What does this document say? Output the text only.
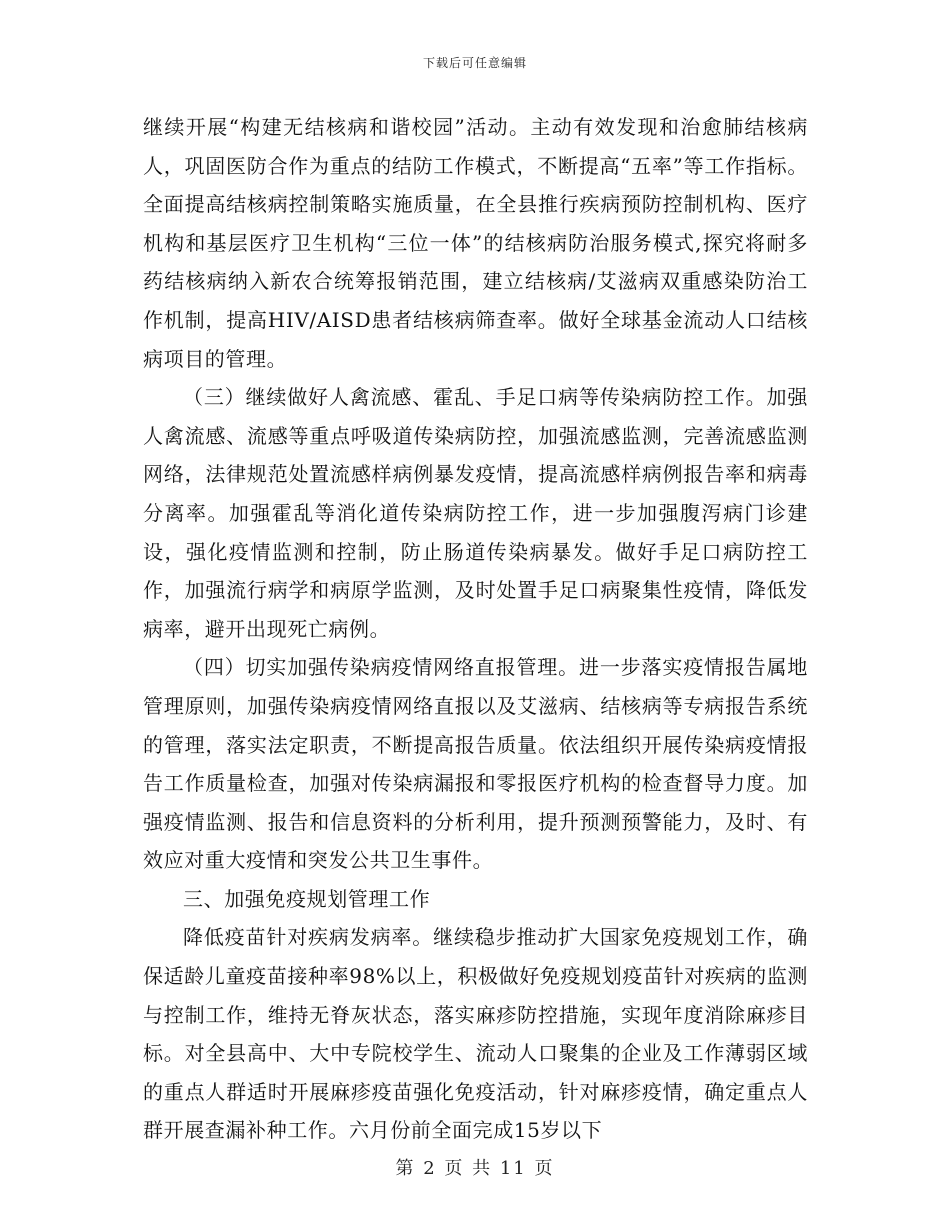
下载后可任意编辑

继续开展“构建无结核病和谐校园”活动。主动有效发现和治愈肺结核病人，巩固医防合作为重点的结防工作模式，不断提高“五率”等工作指标。全面提高结核病控制策略实施质量，在全县推行疾病预防控制机构、医疗机构和基层医疗卫生机构“三位一体”的结核病防治服务模式,探究将耐多药结核病纳入新农合统筹报销范围，建立结核病/艾滋病双重感染防治工作机制，提高HIV/AISD患者结核病筛查率。做好全球基金流动人口结核病项目的管理。

（三）继续做好人禽流感、霍乱、手足口病等传染病防控工作。加强人禽流感、流感等重点呼吸道传染病防控，加强流感监测，完善流感监测网络，法律规范处置流感样病例暴发疫情，提高流感样病例报告率和病毒分离率。加强霍乱等消化道传染病防控工作，进一步加强腹泻病门诊建设，强化疫情监测和控制，防止肠道传染病暴发。做好手足口病防控工作，加强流行病学和病原学监测，及时处置手足口病聚集性疫情，降低发病率，避开出现死亡病例。

（四）切实加强传染病疫情网络直报管理。进一步落实疫情报告属地管理原则，加强传染病疫情网络直报以及艾滋病、结核病等专病报告系统的管理，落实法定职责，不断提高报告质量。依法组织开展传染病疫情报告工作质量检查，加强对传染病漏报和零报医疗机构的检查督导力度。加强疫情监测、报告和信息资料的分析利用，提升预测预警能力，及时、有效应对重大疫情和突发公共卫生事件。

三、加强免疫规划管理工作

降低疫苗针对疾病发病率。继续稳步推动扩大国家免疫规划工作，确保适龄儿童疫苗接种率98%以上，积极做好免疫规划疫苗针对疾病的监测与控制工作，维持无脊灰状态，落实麻疹防控措施，实现年度消除麻疹目标。对全县高中、大中专院校学生、流动人口聚集的企业及工作薄弱区域的重点人群适时开展麻疹疫苗强化免疫活动，针对麻疹疫情，确定重点人群开展查漏补种工作。六月份前全面完成15岁以下

第 2 页 共 11 页
